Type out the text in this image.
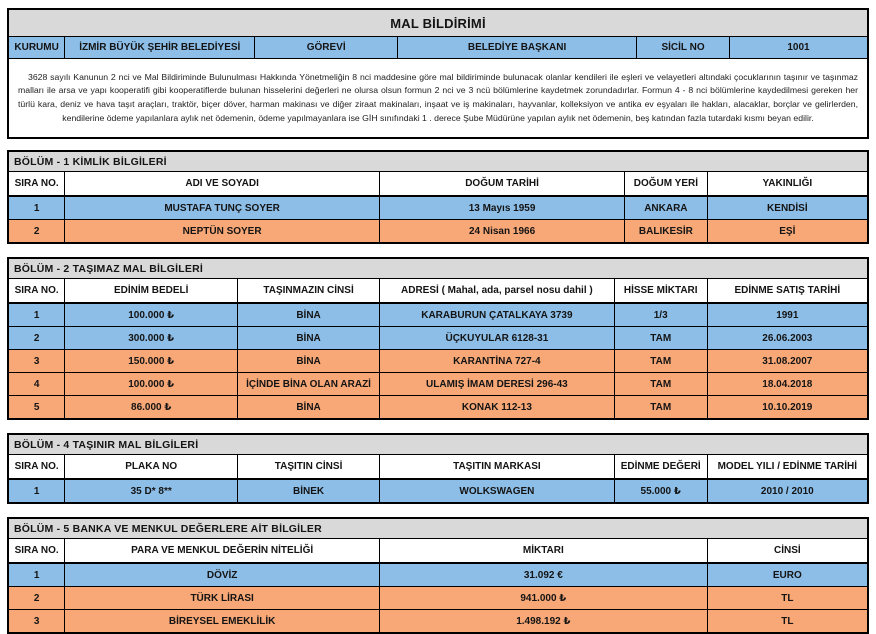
MAL BİLDİRİMİ
KURUMU	İZMİR BÜYÜK ŞEHİR BELEDİYESİ	GÖREVİ	BELEDİYE BAŞKANI	SİCİL NO	1001

3628 sayılı Kanunun 2 nci ve Mal Bildiriminde Bulunulması Hakkında Yönetmeliğin 8 nci maddesine göre mal bildiriminde bulunacak olanlar kendileri ile eşleri ve velayetleri altındaki çocuklarının taşınır ve taşınmaz malları ile arsa ve yapı kooperatifi gibi kooperatiflerde bulunan hisselerini değerleri ne olursa olsun formun 2 nci ve 3 ncü bölümlerine kaydetmek zorundadırlar. Formun 4 - 8 nci bölümlerine kaydedilmesi gereken her türlü kara, deniz ve hava taşıt araçları, traktör, biçer döver, harman makinası ve diğer ziraat makinaları, inşaat ve iş makinaları, hayvanlar, kolleksiyon ve antika ev eşyaları ile hakları, alacaklar, borçlar ve gelirlerden, kendilerine ödeme yapılanlara aylık net ödemenin, ödeme yapılmayanlara ise GİH sınıfındaki 1 . derece Şube Müdürüne yapılan aylık net ödemenin, beş katından fazla tutardaki kısmı beyan edilir.
BÖLÜM - 1 KİMLİK BİLGİLERİ				
SIRA NO.	ADI VE SOYADI	DOĞUM TARİHİ	DOĞUM YERİ	YAKINLIĞI
1	MUSTAFA TUNÇ SOYER	13 Mayıs 1959	ANKARA	KENDİSİ
2	NEPTÜN SOYER	24 Nisan 1966	BALIKESİR	EŞİ
BÖLÜM - 2 TAŞIMAZ MAL BİLGİLERİ					
SIRA NO.	EDİNİM BEDELİ	TAŞINMAZIN CİNSİ	ADRESİ ( Mahal, ada, parsel nosu dahil )	HİSSE MİKTARI	EDİNME SATIŞ TARİHİ
1	100.000 ₺	BİNA	KARABURUN ÇATALKAYA 3739	1/3	1991
2	300.000 ₺	BİNA	ÜÇKUYULAR 6128-31	TAM	26.06.2003
3	150.000 ₺	BİNA	KARANTİNA 727-4	TAM	31.08.2007
4	100.000 ₺	İÇİNDE BİNA OLAN ARAZİ	ULAMIŞ İMAM DERESİ 296-43	TAM	18.04.2018
5	86.000 ₺	BİNA	KONAK 112-13	TAM	10.10.2019
BÖLÜM - 4 TAŞINIR MAL BİLGİLERİ					
SIRA NO.	PLAKA NO	TAŞITIN CİNSİ	TAŞITIN MARKASI	EDİNME DEĞERİ	MODEL YILI / EDİNME TARİHİ
1	35 D* 8**	BİNEK	WOLKSWAGEN	55.000 ₺	2010 / 2010
BÖLÜM - 5 BANKA VE MENKUL DEĞERLERE AİT BİLGİLER			
SIRA NO.	PARA VE MENKUL DEĞERİN NİTELİĞİ	MİKTARI	CİNSİ
1	DÖVİZ	31.092 €	EURO
2	TÜRK LİRASI	941.000 ₺	TL
3	BİREYSEL EMEKLİLİK	1.498.192 ₺	TL
